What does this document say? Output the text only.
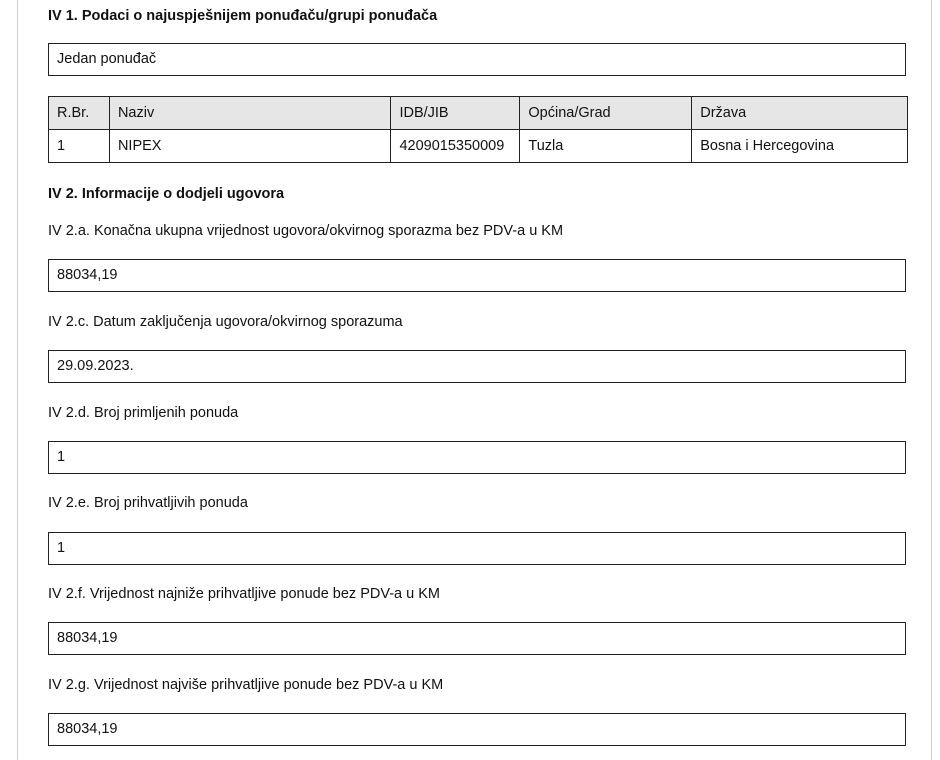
IV 1. Podaci o najuspješnijem ponuđaču/grupi ponuđača
Jedan ponuđač
R.Br.	Naziv	IDB/JIB	Općina/Grad	Država
1	NIPEX	4209015350009	Tuzla	Bosna i Hercegovina
IV 2. Informacije o dodjeli ugovora
IV 2.a. Konačna ukupna vrijednost ugovora/okvirnog sporazma bez PDV-a u KM
88034,19
IV 2.c. Datum zaključenja ugovora/okvirnog sporazuma
29.09.2023.
IV 2.d. Broj primljenih ponuda
1
IV 2.e. Broj prihvatljivih ponuda
1
IV 2.f. Vrijednost najniže prihvatljive ponude bez PDV-a u KM
88034,19
IV 2.g. Vrijednost najviše prihvatljive ponude bez PDV-a u KM
88034,19
